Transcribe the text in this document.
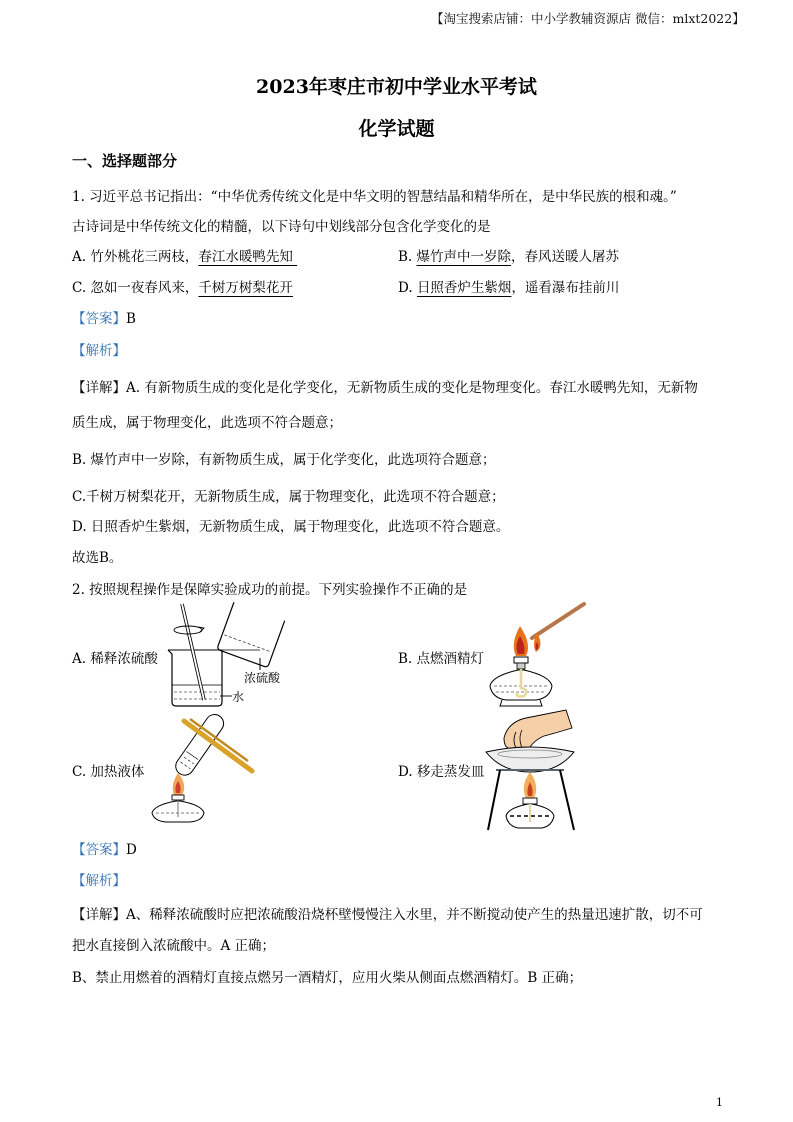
【淘宝搜索店铺：中小学教辅资源店 微信：mlxt2022】
2023年枣庄市初中学业水平考试
化学试题
一、选择题部分
1. 习近平总书记指出：“中华优秀传统文化是中华文明的智慧结晶和精华所在，是中华民族的根和魂。”
古诗词是中华传统文化的精髓，以下诗句中划线部分包含化学变化的是
A. 竹外桃花三两枝，春江水暖鸭先知	B. 爆竹声中一岁除，春风送暖人屠苏
C. 忽如一夜春风来，千树万树梨花开	D. 日照香炉生紫烟，遥看瀑布挂前川
【答案】B
【解析】
【详解】A. 有新物质生成的变化是化学变化，无新物质生成的变化是物理变化。春江水暖鸭先知，无新物
质生成，属于物理变化，此选项不符合题意；
B. 爆竹声中一岁除，有新物质生成，属于化学变化，此选项符合题意；
C.千树万树梨花开，无新物质生成，属于物理变化，此选项不符合题意；
D. 日照香炉生紫烟，无新物质生成，属于物理变化，此选项不符合题意。
故选B。
2. 按照规程操作是保障实验成功的前提。下列实验操作不正确的是
A. 稀释浓硫酸
浓硫酸
水
B. 点燃酒精灯
C. 加热液体	D. 移走蒸发皿
【答案】D
【解析】
【详解】A、稀释浓硫酸时应把浓硫酸沿烧杯壁慢慢注入水里，并不断搅动使产生的热量迅速扩散，切不可
把水直接倒入浓硫酸中。A 正确；
B、禁止用燃着的酒精灯直接点燃另一酒精灯，应用火柴从侧面点燃酒精灯。B 正确；
1
